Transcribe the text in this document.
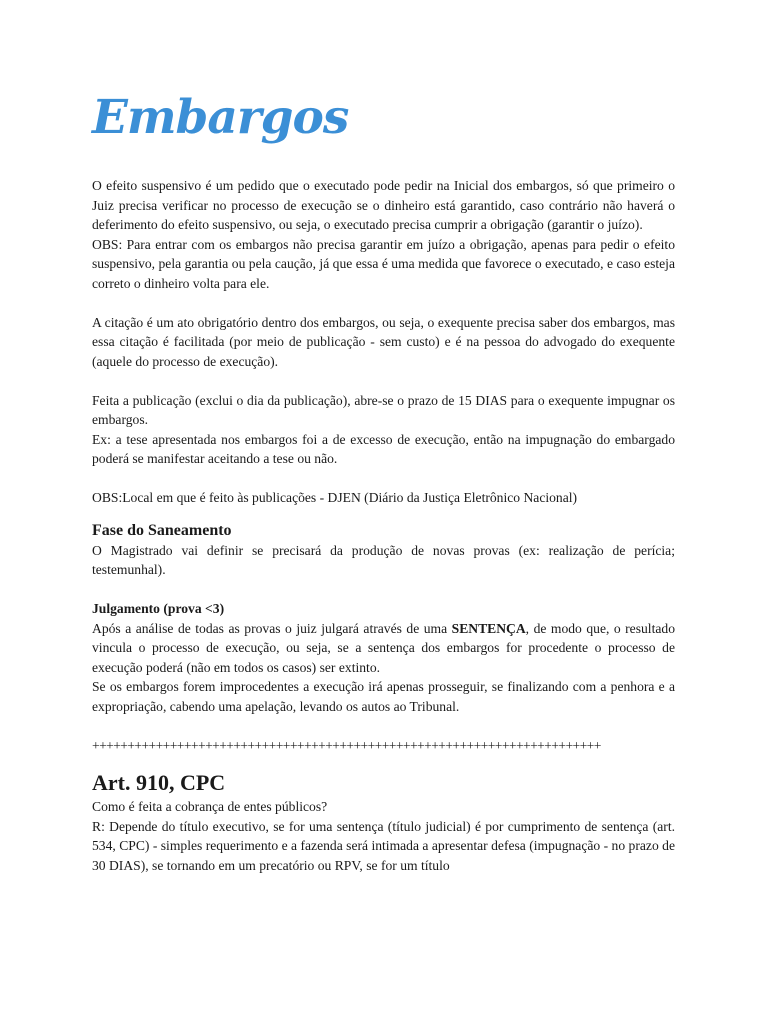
Embargos

O efeito suspensivo é um pedido que o executado pode pedir na Inicial dos embargos, só que primeiro o Juiz precisa verificar no processo de execução se o dinheiro está garantido, caso contrário não haverá o deferimento do efeito suspensivo, ou seja, o executado precisa cumprir a obrigação (garantir o juízo).

OBS: Para entrar com os embargos não precisa garantir em juízo a obrigação, apenas para pedir o efeito suspensivo, pela garantia ou pela caução, já que essa é uma medida que favorece o executado, e caso esteja correto o dinheiro volta para ele.

A citação é um ato obrigatório dentro dos embargos, ou seja, o exequente precisa saber dos embargos, mas essa citação é facilitada (por meio de publicação - sem custo) e é na pessoa do advogado do exequente (aquele do processo de execução).

Feita a publicação (exclui o dia da publicação), abre-se o prazo de 15 DIAS para o exequente impugnar os embargos.

Ex: a tese apresentada nos embargos foi a de excesso de execução, então na impugnação do embargado poderá se manifestar aceitando a tese ou não.

OBS:Local em que é feito às publicações - DJEN (Diário da Justiça Eletrônico Nacional)

Fase do Saneamento

O Magistrado vai definir se precisará da produção de novas provas (ex: realização de perícia; testemunhal).

Julgamento (prova <3)

Após a análise de todas as provas o juiz julgará através de uma SENTENÇA, de modo que, o resultado vincula o processo de execução, ou seja, se a sentença dos embargos for procedente o processo de execução poderá (não em todos os casos) ser extinto.

Se os embargos forem improcedentes a execução irá apenas prosseguir, se finalizando com a penhora e a expropriação, cabendo uma apelação, levando os autos ao Tribunal.

++++++++++++++++++++++++++++++++++++++++++++++++++++++++++++++++++++++++

Art. 910, CPC

Como é feita a cobrança de entes públicos?

R: Depende do título executivo, se for uma sentença (título judicial) é por cumprimento de sentença (art. 534, CPC) - simples requerimento e a fazenda será intimada a apresentar defesa (impugnação - no prazo de 30 DIAS), se tornando em um precatório ou RPV, se for um título
